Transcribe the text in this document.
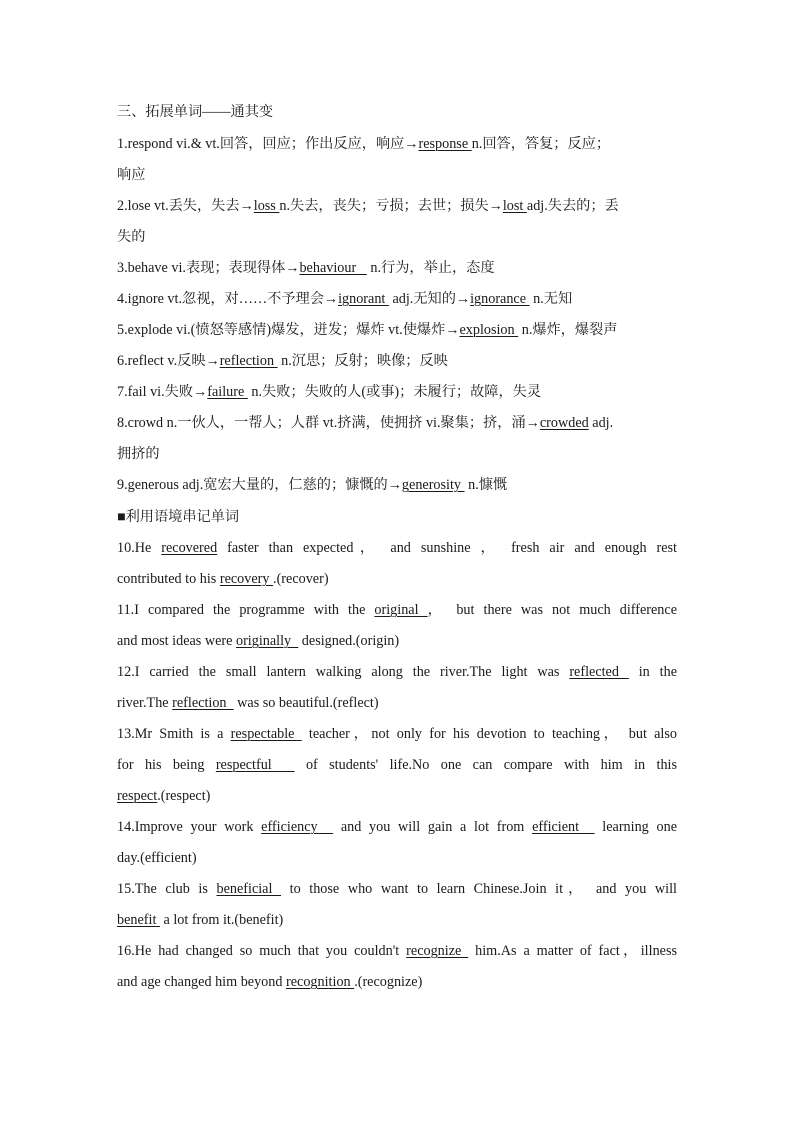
三、拓展单词——通其变
1.respond vi.& vt.回答，回应；作出反应，响应→response n.回答，答复；反应；
响应
2.lose vt.丢失，失去→loss n.失去，丧失；亏损；去世；损失→lost adj.失去的；丢
失的
3.behave vi.表现；表现得体→behaviour    n.行为，举止，态度
4.ignore vt.忽视，对……不予理会→ignorant  adj.无知的→ignorance  n.无知
5.explode vi.(愤怒等感情)爆发，迸发；爆炸 vt.使爆炸→explosion  n.爆炸，爆裂声
6.reflect v.反映→reflection  n.沉思；反射；映像；反映
7.fail vi.失败→failure  n.失败；失败的人(或事)；未履行；故障，失灵
8.crowd n.一伙人，一帮人；人群 vt.挤满，使拥挤 vi.聚集；挤，涌→crowded adj.
拥挤的
9.generous adj.宽宏大量的，仁慈的；慷慨的→generosity  n.慷慨
■利用语境串记单词
10.He recovered faster than expected， and sunshine ， fresh air and enough rest
contributed to his recovery .(recover)
11.I compared the programme with the original ， but there was not much difference
and most ideas were originally   designed.(origin)
12.I carried the small lantern walking along the river.The light was reflected  in the
river.The reflection   was so beautiful.(reflect)
13.Mr Smith is a respectable  teacher，not only for his devotion to teaching， but also
for his being respectful   of students' life.No one can compare with him in this
respect.(respect)
14.Improve your work efficiency   and you will gain a lot from efficient   learning one
day.(efficient)
15.The club is beneficial  to those who want to learn Chinese.Join it， and you will
benefit  a lot from it.(benefit)
16.He had changed so much that you couldn't recognize  him.As a matter of fact，illness
and age changed him beyond recognition .(recognize)
